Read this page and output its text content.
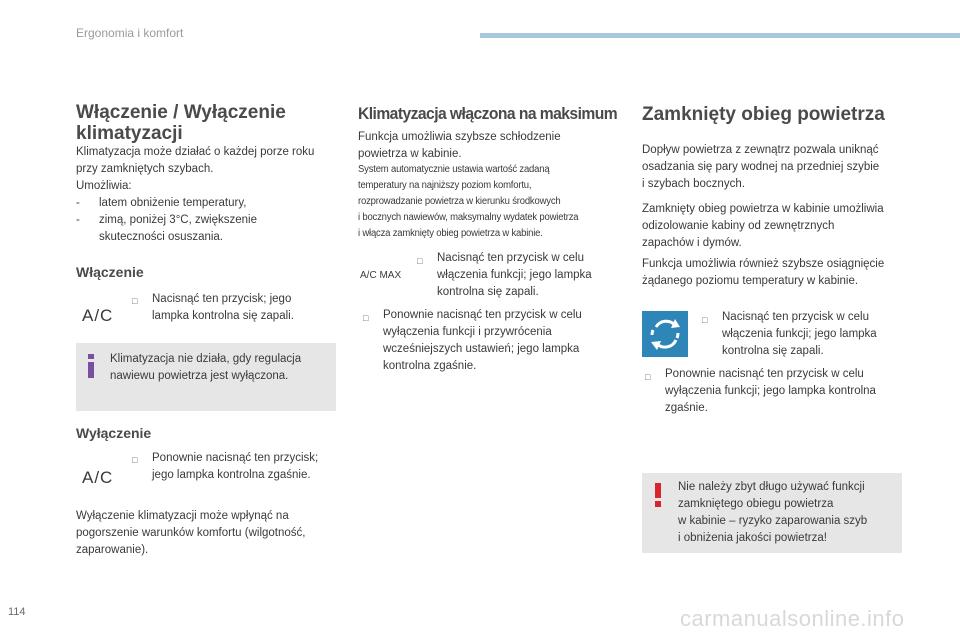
Ergonomia i komfort
Włączenie / Wyłączenie
klimatyzacji
Klimatyzacja może działać o każdej porze roku
przy zamkniętych szybach.
Umożliwia:
- latem obniżenie temperatury,
- zimą, poniżej 3°C, zwiększenie
skuteczności osuszania.
Włączenie
A/C
□ Nacisnąć ten przycisk; jego
lampka kontrolna się zapali.
Klimatyzacja nie działa, gdy regulacja
nawiewu powietrza jest wyłączona.
Wyłączenie
A/C
□ Ponownie nacisnąć ten przycisk;
jego lampka kontrolna zgaśnie.
Wyłączenie klimatyzacji może wpłynąć na
pogorszenie warunków komfortu (wilgotność,
zaparowanie).
Klimatyzacja włączona na maksimum
Funkcja umożliwia szybsze schłodzenie
powietrza w kabinie.
System automatycznie ustawia wartość zadaną
temperatury na najniższy poziom komfortu,
rozprowadzanie powietrza w kierunku środkowych
i bocznych nawiewów, maksymalny wydatek powietrza
i włącza zamknięty obieg powietrza w kabinie.
A/C MAX
□ Nacisnąć ten przycisk w celu
włączenia funkcji; jego lampka
kontrolna się zapali.
□ Ponownie nacisnąć ten przycisk w celu
wyłączenia funkcji i przywrócenia
wcześniejszych ustawień; jego lampka
kontrolna zgaśnie.
Zamknięty obieg powietrza
Dopływ powietrza z zewnątrz pozwala uniknąć
osadzania się pary wodnej na przedniej szybie
i szybach bocznych.
Zamknięty obieg powietrza w kabinie umożliwia
odizolowanie kabiny od zewnętrznych
zapachów i dymów.
Funkcja umożliwia również szybsze osiągnięcie
żądanego poziomu temperatury w kabinie.
□ Nacisnąć ten przycisk w celu
włączenia funkcji; jego lampka
kontrolna się zapali.
□ Ponownie nacisnąć ten przycisk w celu
wyłączenia funkcji; jego lampka kontrolna
zgaśnie.
Nie należy zbyt długo używać funkcji
zamkniętego obiegu powietrza
w kabinie – ryzyko zaparowania szyb
i obniżenia jakości powietrza!
114	carmanualsonline.info
